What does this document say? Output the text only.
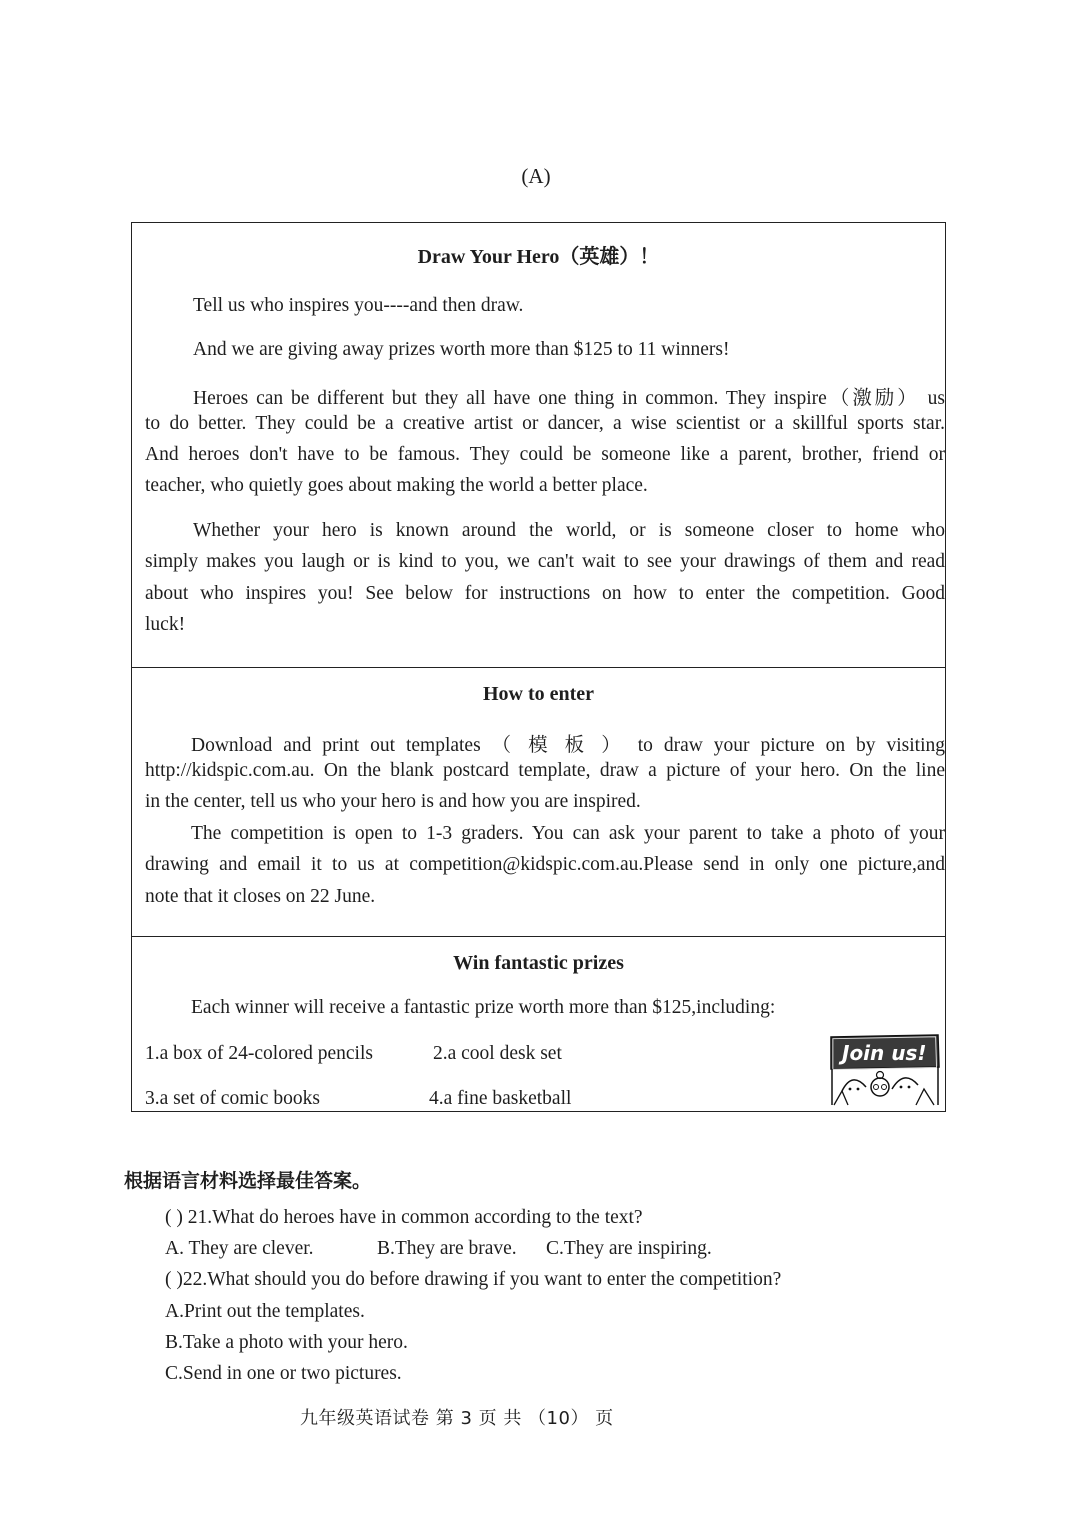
(A)
Draw Your Hero（英雄）！
Tell us who inspires you----and then draw.
And we are giving away prizes worth more than $125 to 11 winners!
Heroes can be different but they all have one thing in common. They inspire（激励） us
to do better. They could be a creative artist or dancer, a wise scientist or a skillful sports star.
And heroes don't have to be famous. They could be someone like a parent, brother, friend or
teacher, who quietly goes about making the world a better place.
Whether your hero is known around the world, or is someone closer to home who
simply makes you laugh or is kind to you, we can't wait to see your drawings of them and read
about who inspires you! See below for instructions on how to enter the competition. Good
luck!
How to enter
Download and print out templates （ 模 板 ） to draw your picture on by visiting
http://kidspic.com.au. On the blank postcard template, draw a picture of your hero. On the line
in the center, tell us who your hero is and how you are inspired.
The competition is open to 1-3 graders. You can ask your parent to take a photo of your
drawing and email it to us at competition@kidspic.com.au.Please send in only one picture,and
note that it closes on 22 June.
Win fantastic prizes
Each winner will receive a fantastic prize worth more than $125,including:
1.a box of 24-colored pencils	2.a cool desk set
3.a set of comic books	4.a fine basketball
Join us!
根据语言材料选择最佳答案。
( ) 21.What do heroes have in common according to the text?
A. They are clever.	B.They are brave. C.They are inspiring.
( )22.What should you do before drawing if you want to enter the competition?
A.Print out the templates.
B.Take a photo with your hero.
C.Send in one or two pictures.
九年级英语试卷 第 3 页 共 （10） 页
